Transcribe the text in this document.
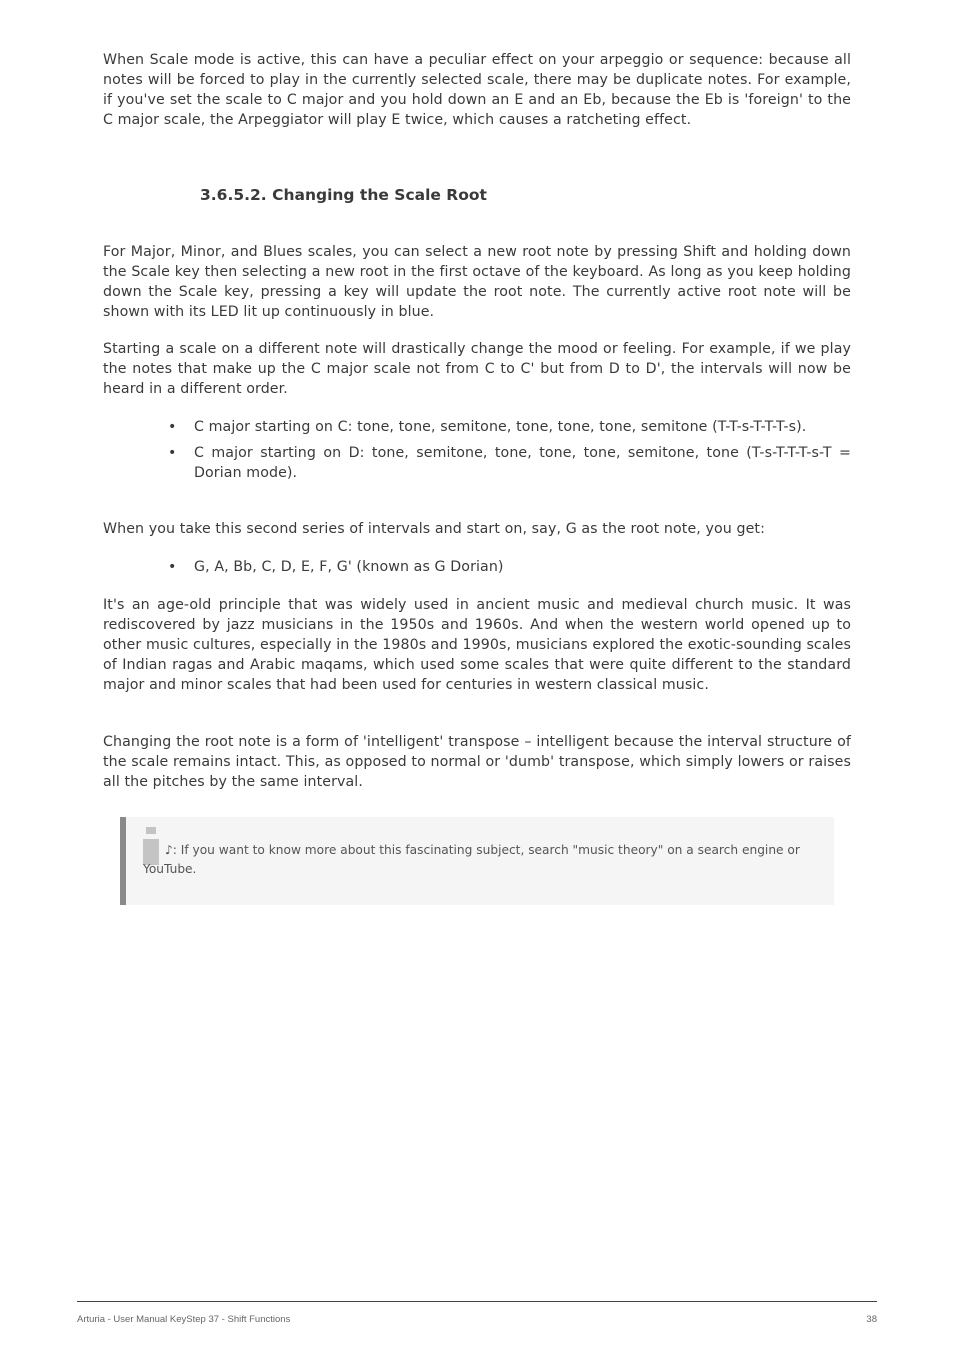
When Scale mode is active, this can have a peculiar effect on your arpeggio or sequence: because all notes will be forced to play in the currently selected scale, there may be duplicate notes. For example, if you've set the scale to C major and you hold down an E and an Eb, because the Eb is 'foreign' to the C major scale, the Arpeggiator will play E twice, which causes a ratcheting effect.

3.6.5.2. Changing the Scale Root

For Major, Minor, and Blues scales, you can select a new root note by pressing Shift and holding down the Scale key then selecting a new root in the first octave of the keyboard. As long as you keep holding down the Scale key, pressing a key will update the root note. The currently active root note will be shown with its LED lit up continuously in blue.

Starting a scale on a different note will drastically change the mood or feeling. For example, if we play the notes that make up the C major scale not from C to C' but from D to D', the intervals will now be heard in a different order.

• C major starting on C: tone, tone, semitone, tone, tone, tone, semitone (T-T-s-T-T-T-s).
• C major starting on D: tone, semitone, tone, tone, tone, semitone, tone (T-s-T-T-T-s-T = Dorian mode).

When you take this second series of intervals and start on, say, G as the root note, you get:

• G, A, Bb, C, D, E, F, G' (known as G Dorian)

It's an age-old principle that was widely used in ancient music and medieval church music. It was rediscovered by jazz musicians in the 1950s and 1960s. And when the western world opened up to other music cultures, especially in the 1980s and 1990s, musicians explored the exotic-sounding scales of Indian ragas and Arabic maqams, which used some scales that were quite different to the standard major and minor scales that had been used for centuries in western classical music.

Changing the root note is a form of 'intelligent' transpose – intelligent because the interval structure of the scale remains intact. This, as opposed to normal or 'dumb' transpose, which simply lowers or raises all the pitches by the same interval.

♪: If you want to know more about this fascinating subject, search "music theory" on a search engine or YouTube.

Arturia - User Manual KeyStep 37 - Shift Functions	38
